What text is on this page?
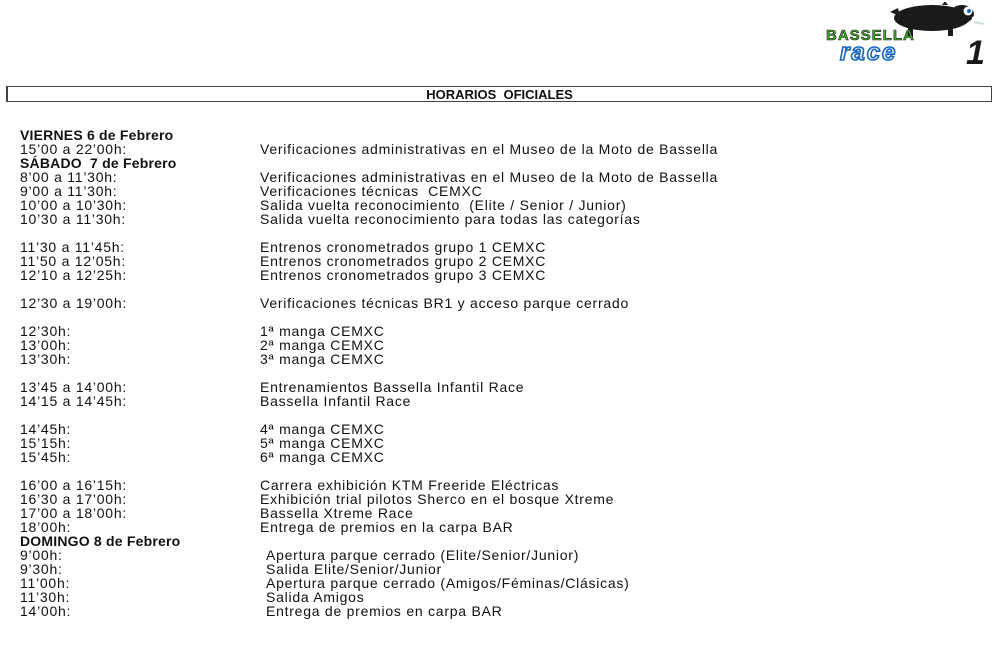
BASSELLA
race 1
HORARIOS  OFICIALES
VIERNES 6 de Febrero
15’00 a 22’00h:	Verificaciones administrativas en el Museo de la Moto de Bassella
SÁBADO  7 de Febrero
8’00 a 11’30h:	Verificaciones administrativas en el Museo de la Moto de Bassella
9’00 a 11’30h:	Verificaciones técnicas  CEMXC
10’00 a 10’30h:	Salida vuelta reconocimiento  (Elite / Senior / Junior)
10’30 a 11’30h:	Salida vuelta reconocimiento para todas las categorías
11’30 a 11’45h:	Entrenos cronometrados grupo 1 CEMXC
11’50 a 12’05h:	Entrenos cronometrados grupo 2 CEMXC
12’10 a 12’25h:	Entrenos cronometrados grupo 3 CEMXC
12’30 a 19’00h:	Verificaciones técnicas BR1 y acceso parque cerrado
12’30h:	1ª manga CEMXC
13’00h:	2ª manga CEMXC
13’30h:	3ª manga CEMXC
13’45 a 14’00h:	Entrenamientos Bassella Infantil Race
14’15 a 14’45h:	Bassella Infantil Race
14’45h:	4ª manga CEMXC
15’15h:	5ª manga CEMXC
15’45h:	6ª manga CEMXC
16’00 a 16’15h:	Carrera exhibición KTM Freeride Eléctricas
16’30 a 17’00h:	Exhibición trial pilotos Sherco en el bosque Xtreme
17’00 a 18’00h:	Bassella Xtreme Race
18’00h:	Entrega de premios en la carpa BAR
DOMINGO 8 de Febrero
9’00h:	Apertura parque cerrado (Elite/Senior/Junior)
9’30h:	Salida Elite/Senior/Junior
11’00h:	Apertura parque cerrado (Amigos/Féminas/Clásicas)
11’30h:	Salida Amigos
14’00h:	Entrega de premios en carpa BAR
